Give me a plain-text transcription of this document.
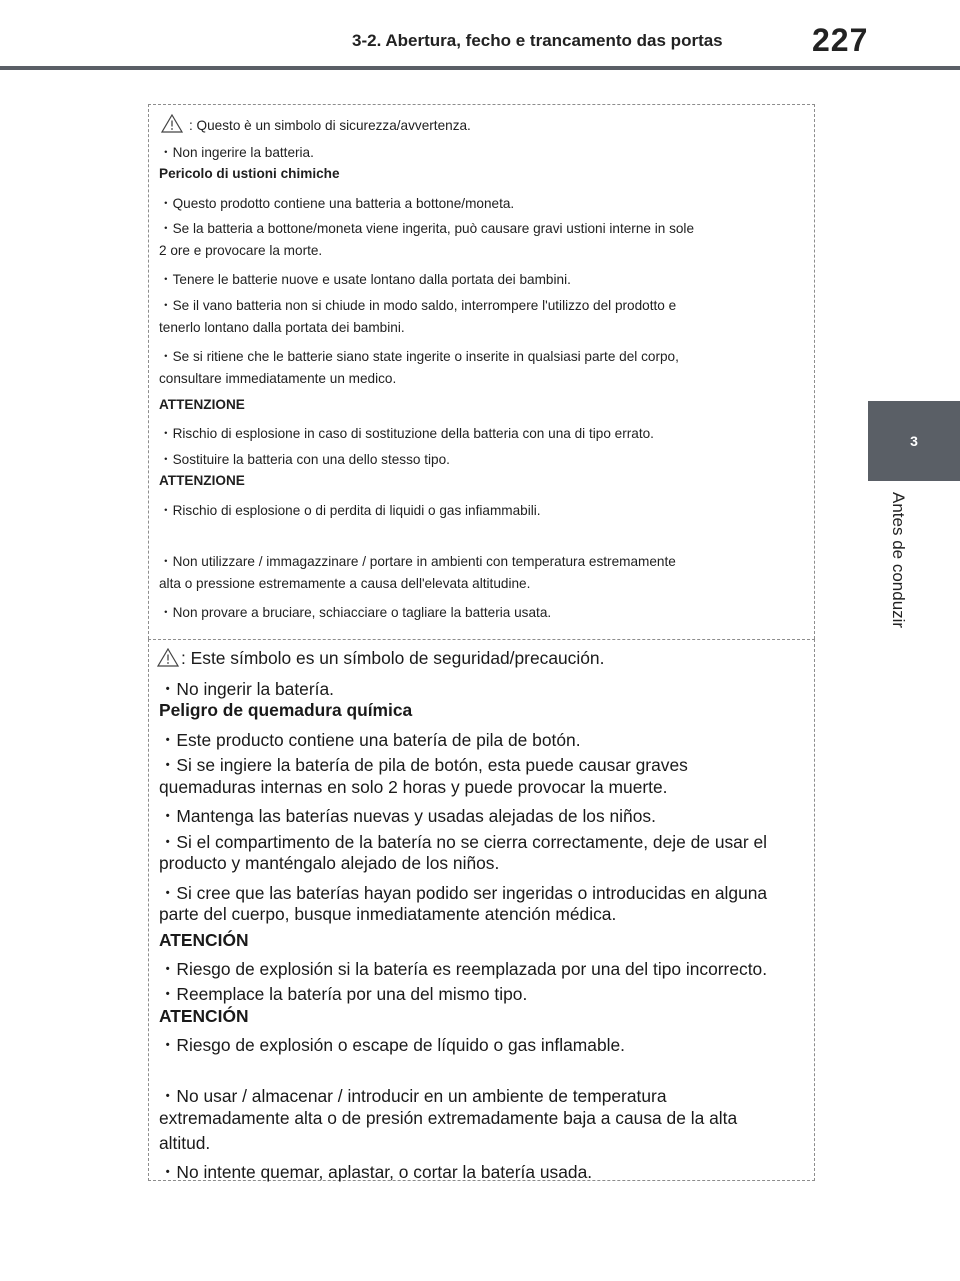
3-2. Abertura, fecho e trancamento das portas	227
3
Antes de conduzir
: Questo è un simbolo di sicurezza/avvertenza.
・Non ingerire la batteria.
Pericolo di ustioni chimiche
・Questo prodotto contiene una batteria a bottone/moneta.
・Se la batteria a bottone/moneta viene ingerita, può causare gravi ustioni interne in sole
2 ore e provocare la morte.
・Tenere le batterie nuove e usate lontano dalla portata dei bambini.
・Se il vano batteria non si chiude in modo saldo, interrompere l'utilizzo del prodotto e
tenerlo lontano dalla portata dei bambini.
・Se si ritiene che le batterie siano state ingerite o inserite in qualsiasi parte del corpo,
consultare immediatamente un medico.
ATTENZIONE
・Rischio di esplosione in caso di sostituzione della batteria con una di tipo errato.
・Sostituire la batteria con una dello stesso tipo.
ATTENZIONE
・Rischio di esplosione o di perdita di liquidi o gas infiammabili.
・Non utilizzare / immagazzinare / portare in ambienti con temperatura estremamente
alta o pressione estremamente a causa dell'elevata altitudine.
・Non provare a bruciare, schiacciare o tagliare la batteria usata.
: Este símbolo es un símbolo de seguridad/precaución.
・No ingerir la batería.
Peligro de quemadura química
・Este producto contiene una batería de pila de botón.
・Si se ingiere la batería de pila de botón, esta puede causar graves
quemaduras internas en solo 2 horas y puede provocar la muerte.
・Mantenga las baterías nuevas y usadas alejadas de los niños.
・Si el compartimento de la batería no se cierra correctamente, deje de usar el
producto y manténgalo alejado de los niños.
・Si cree que las baterías hayan podido ser ingeridas o introducidas en alguna
parte del cuerpo, busque inmediatamente atención médica.
ATENCIÓN
・Riesgo de explosión si la batería es reemplazada por una del tipo incorrecto.
・Reemplace la batería por una del mismo tipo.
ATENCIÓN
・Riesgo de explosión o escape de líquido o gas inflamable.
・No usar / almacenar / introducir en un ambiente de temperatura
extremadamente alta o de presión extremadamente baja a causa de la alta
altitud.
・No intente quemar, aplastar, o cortar la batería usada.
